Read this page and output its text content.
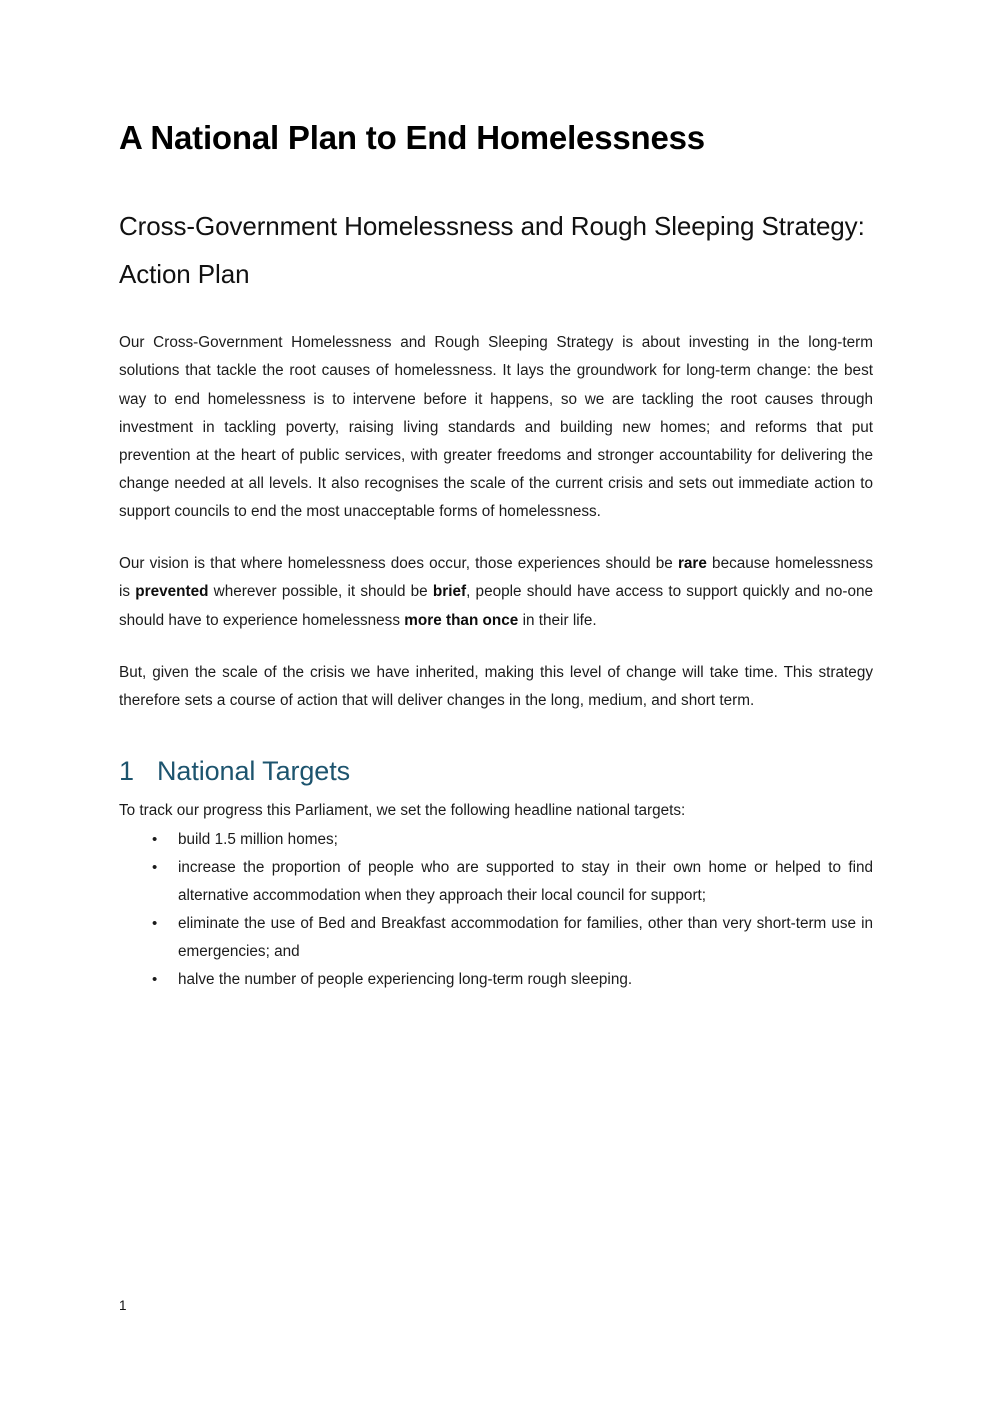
A National Plan to End Homelessness
Cross-Government Homelessness and Rough Sleeping Strategy: Action Plan

Our Cross-Government Homelessness and Rough Sleeping Strategy is about investing in the long-term solutions that tackle the root causes of homelessness. It lays the groundwork for long-term change: the best way to end homelessness is to intervene before it happens, so we are tackling the root causes through investment in tackling poverty, raising living standards and building new homes; and reforms that put prevention at the heart of public services, with greater freedoms and stronger accountability for delivering the change needed at all levels. It also recognises the scale of the current crisis and sets out immediate action to support councils to end the most unacceptable forms of homelessness.

Our vision is that where homelessness does occur, those experiences should be rare because homelessness is prevented wherever possible, it should be brief, people should have access to support quickly and no-one should have to experience homelessness more than once in their life.

But, given the scale of the crisis we have inherited, making this level of change will take time. This strategy therefore sets a course of action that will deliver changes in the long, medium, and short term.

1 National Targets

To track our progress this Parliament, we set the following headline national targets:

• build 1.5 million homes;
• increase the proportion of people who are supported to stay in their own home or helped to find alternative accommodation when they approach their local council for support;
• eliminate the use of Bed and Breakfast accommodation for families, other than very short-term use in emergencies; and
• halve the number of people experiencing long-term rough sleeping.
1
